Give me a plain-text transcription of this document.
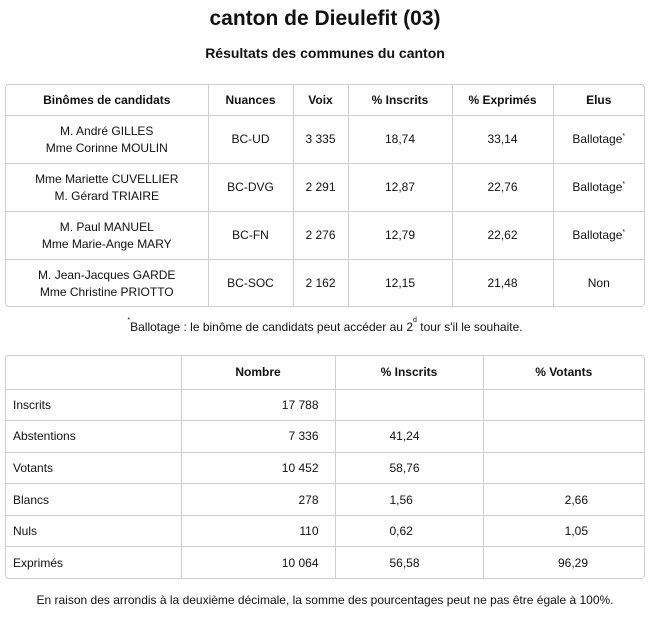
canton de Dieulefit (03)
Résultats des communes du canton
Binômes de candidats	Nuances	Voix	% Inscrits	% Exprimés	Elus
M. André GILLES
Mme Corinne MOULIN	BC-UD	3 335	18,74	33,14	Ballotage*
Mme Mariette CUVELLIER
M. Gérard TRIAIRE	BC-DVG	2 291	12,87	22,76	Ballotage*
M. Paul MANUEL
Mme Marie-Ange MARY	BC-FN	2 276	12,79	22,62	Ballotage*
M. Jean-Jacques GARDE
Mme Christine PRIOTTO	BC-SOC	2 162	12,15	21,48	Non
*Ballotage : le binôme de candidats peut accéder au 2$^d$ tour s'il le souhaite.
	Nombre	% Inscrits	% Votants
Inscrits	17 788		
Abstentions	7 336	41,24	
Votants	10 452	58,76	
Blancs	278	1,56	2,66
Nuls	110	0,62	1,05
Exprimés	10 064	56,58	96,29
En raison des arrondis à la deuxième décimale, la somme des pourcentages peut ne pas être égale à 100%.
